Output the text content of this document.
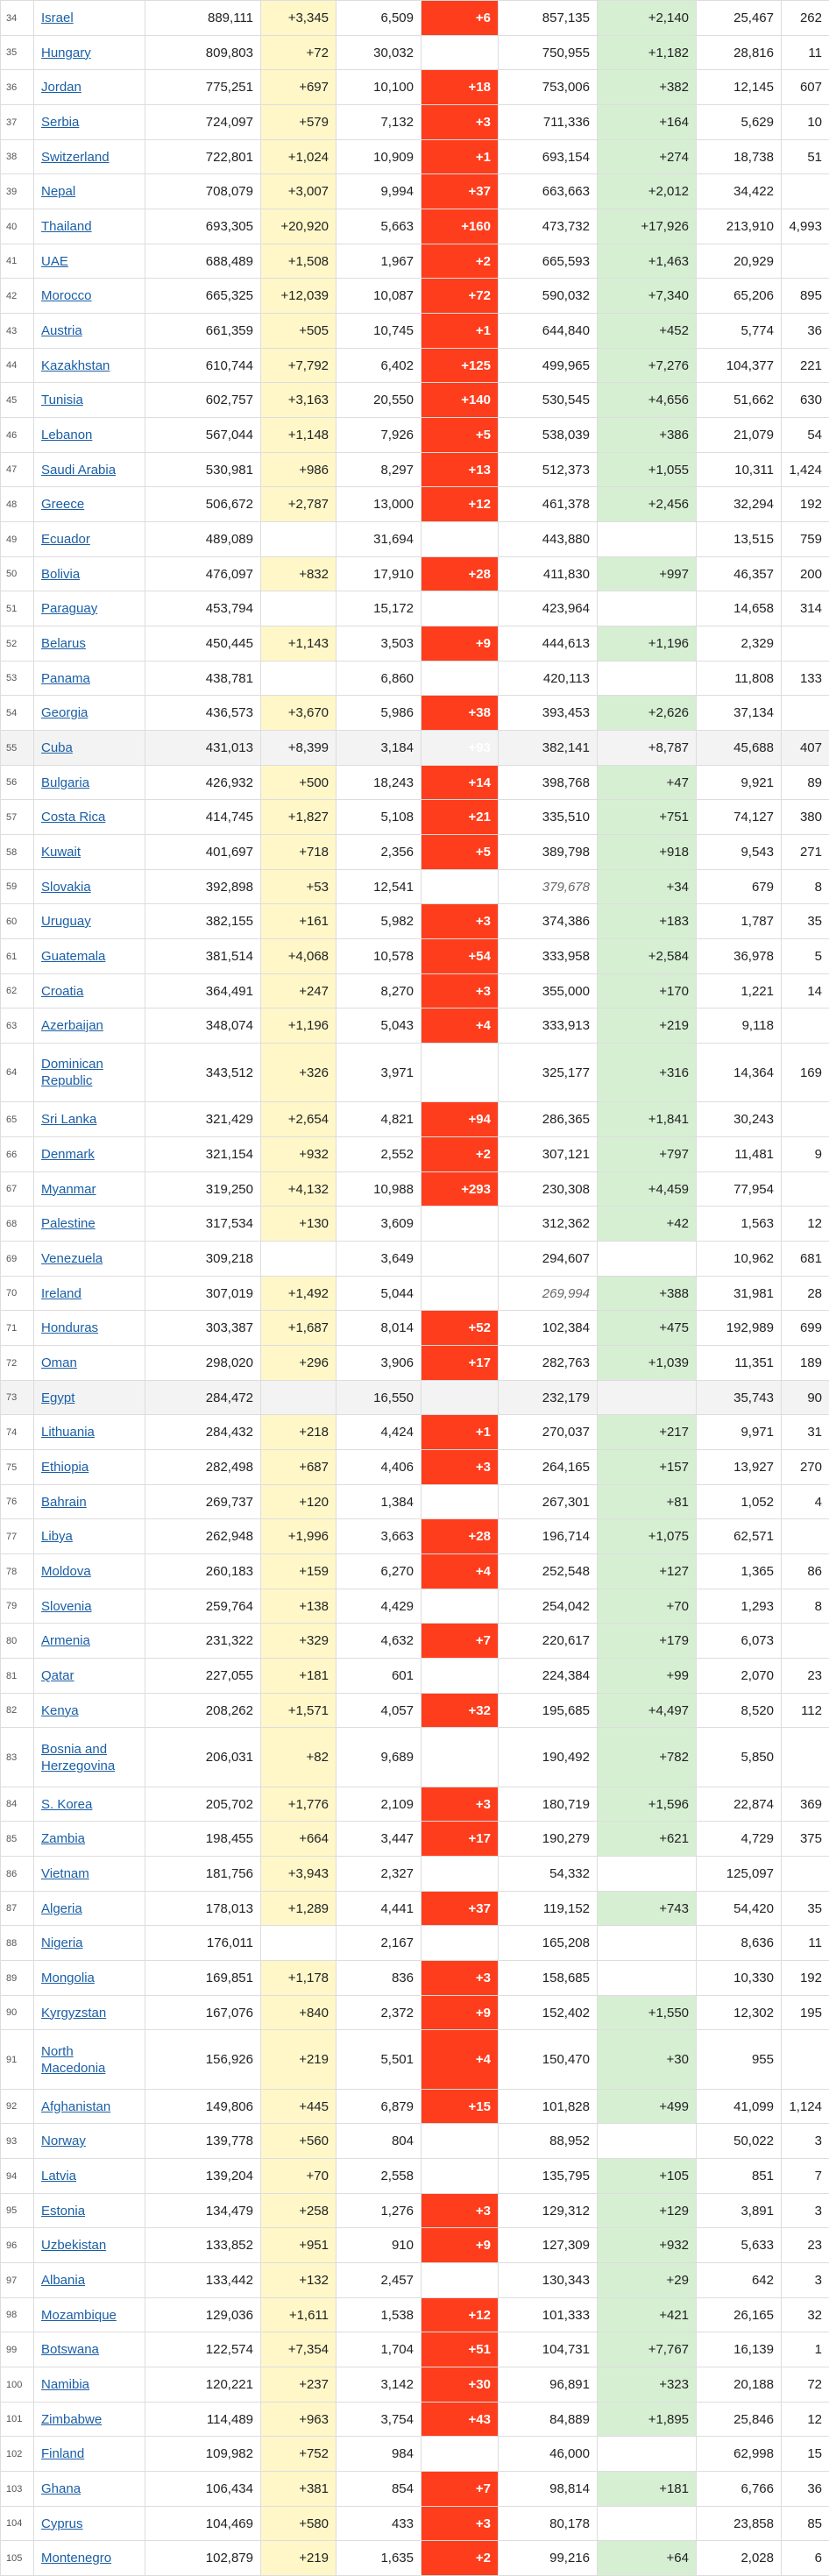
34	Israel	889,111	+3,345	6,509	+6	857,135	+2,140	25,467	262
35	Hungary	809,803	+72	30,032		750,955	+1,182	28,816	11
36	Jordan	775,251	+697	10,100	+18	753,006	+382	12,145	607
37	Serbia	724,097	+579	7,132	+3	711,336	+164	5,629	10
38	Switzerland	722,801	+1,024	10,909	+1	693,154	+274	18,738	51
39	Nepal	708,079	+3,007	9,994	+37	663,663	+2,012	34,422	
40	Thailand	693,305	+20,920	5,663	+160	473,732	+17,926	213,910	4,993
41	UAE	688,489	+1,508	1,967	+2	665,593	+1,463	20,929	
42	Morocco	665,325	+12,039	10,087	+72	590,032	+7,340	65,206	895
43	Austria	661,359	+505	10,745	+1	644,840	+452	5,774	36
44	Kazakhstan	610,744	+7,792	6,402	+125	499,965	+7,276	104,377	221
45	Tunisia	602,757	+3,163	20,550	+140	530,545	+4,656	51,662	630
46	Lebanon	567,044	+1,148	7,926	+5	538,039	+386	21,079	54
47	Saudi Arabia	530,981	+986	8,297	+13	512,373	+1,055	10,311	1,424
48	Greece	506,672	+2,787	13,000	+12	461,378	+2,456	32,294	192
49	Ecuador	489,089		31,694		443,880		13,515	759
50	Bolivia	476,097	+832	17,910	+28	411,830	+997	46,357	200
51	Paraguay	453,794		15,172		423,964		14,658	314
52	Belarus	450,445	+1,143	3,503	+9	444,613	+1,196	2,329	
53	Panama	438,781		6,860		420,113		11,808	133
54	Georgia	436,573	+3,670	5,986	+38	393,453	+2,626	37,134	
55	Cuba	431,013	+8,399	3,184	+93	382,141	+8,787	45,688	407
56	Bulgaria	426,932	+500	18,243	+14	398,768	+47	9,921	89
57	Costa Rica	414,745	+1,827	5,108	+21	335,510	+751	74,127	380
58	Kuwait	401,697	+718	2,356	+5	389,798	+918	9,543	271
59	Slovakia	392,898	+53	12,541		379,678	+34	679	8
60	Uruguay	382,155	+161	5,982	+3	374,386	+183	1,787	35
61	Guatemala	381,514	+4,068	10,578	+54	333,958	+2,584	36,978	5
62	Croatia	364,491	+247	8,270	+3	355,000	+170	1,221	14
63	Azerbaijan	348,074	+1,196	5,043	+4	333,913	+219	9,118	
64	Dominican Republic	343,512	+326	3,971		325,177	+316	14,364	169
65	Sri Lanka	321,429	+2,654	4,821	+94	286,365	+1,841	30,243	
66	Denmark	321,154	+932	2,552	+2	307,121	+797	11,481	9
67	Myanmar	319,250	+4,132	10,988	+293	230,308	+4,459	77,954	
68	Palestine	317,534	+130	3,609		312,362	+42	1,563	12
69	Venezuela	309,218		3,649		294,607		10,962	681
70	Ireland	307,019	+1,492	5,044		269,994	+388	31,981	28
71	Honduras	303,387	+1,687	8,014	+52	102,384	+475	192,989	699
72	Oman	298,020	+296	3,906	+17	282,763	+1,039	11,351	189
73	Egypt	284,472		16,550		232,179		35,743	90
74	Lithuania	284,432	+218	4,424	+1	270,037	+217	9,971	31
75	Ethiopia	282,498	+687	4,406	+3	264,165	+157	13,927	270
76	Bahrain	269,737	+120	1,384		267,301	+81	1,052	4
77	Libya	262,948	+1,996	3,663	+28	196,714	+1,075	62,571	
78	Moldova	260,183	+159	6,270	+4	252,548	+127	1,365	86
79	Slovenia	259,764	+138	4,429		254,042	+70	1,293	8
80	Armenia	231,322	+329	4,632	+7	220,617	+179	6,073	
81	Qatar	227,055	+181	601		224,384	+99	2,070	23
82	Kenya	208,262	+1,571	4,057	+32	195,685	+4,497	8,520	112
83	Bosnia and Herzegovina	206,031	+82	9,689		190,492	+782	5,850	
84	S. Korea	205,702	+1,776	2,109	+3	180,719	+1,596	22,874	369
85	Zambia	198,455	+664	3,447	+17	190,279	+621	4,729	375
86	Vietnam	181,756	+3,943	2,327		54,332		125,097	
87	Algeria	178,013	+1,289	4,441	+37	119,152	+743	54,420	35
88	Nigeria	176,011		2,167		165,208		8,636	11
89	Mongolia	169,851	+1,178	836	+3	158,685		10,330	192
90	Kyrgyzstan	167,076	+840	2,372	+9	152,402	+1,550	12,302	195
91	North Macedonia	156,926	+219	5,501	+4	150,470	+30	955	
92	Afghanistan	149,806	+445	6,879	+15	101,828	+499	41,099	1,124
93	Norway	139,778	+560	804		88,952		50,022	3
94	Latvia	139,204	+70	2,558		135,795	+105	851	7
95	Estonia	134,479	+258	1,276	+3	129,312	+129	3,891	3
96	Uzbekistan	133,852	+951	910	+9	127,309	+932	5,633	23
97	Albania	133,442	+132	2,457		130,343	+29	642	3
98	Mozambique	129,036	+1,611	1,538	+12	101,333	+421	26,165	32
99	Botswana	122,574	+7,354	1,704	+51	104,731	+7,767	16,139	1
100	Namibia	120,221	+237	3,142	+30	96,891	+323	20,188	72
101	Zimbabwe	114,489	+963	3,754	+43	84,889	+1,895	25,846	12
102	Finland	109,982	+752	984		46,000		62,998	15
103	Ghana	106,434	+381	854	+7	98,814	+181	6,766	36
104	Cyprus	104,469	+580	433	+3	80,178		23,858	85
105	Montenegro	102,879	+219	1,635	+2	99,216	+64	2,028	6
